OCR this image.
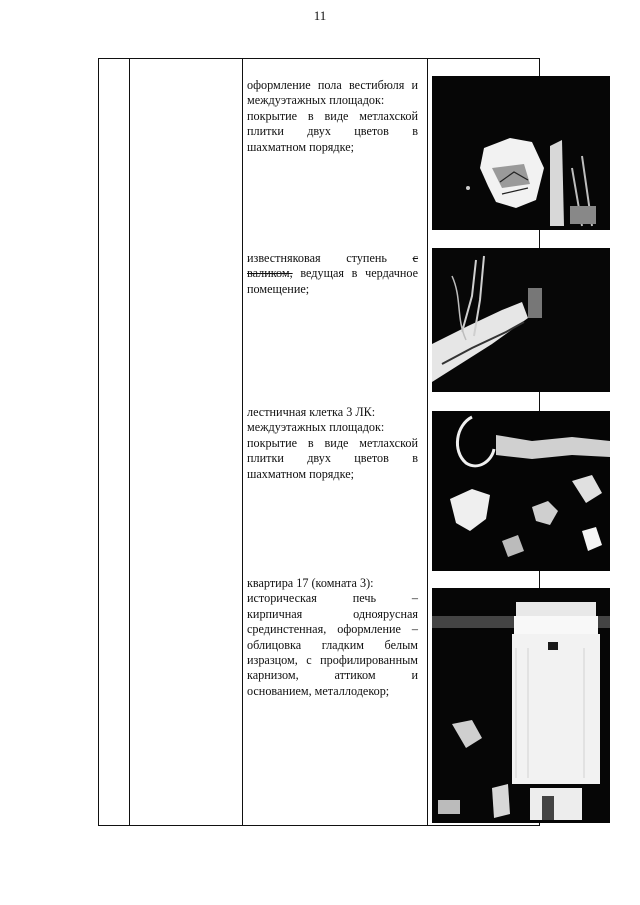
11

оформление пола вестибюля и

междуэтажных площадок:

покрытие в виде метлахской

плитки двух цветов в

шахматном порядке;

известняковая ступень с

валиком, ведущая в чердачное

помещение;

лестничная клетка 3 ЛК:

междуэтажных площадок:

покрытие в виде метлахской

плитки двух цветов в

шахматном порядке;

квартира 17 (комната 3):

историческая печь –

кирпичная одноярусная

срединстенная, оформление –

облицовка гладким белым

изразцом, с профилированным

карнизом, аттиком и

основанием, металлодекор;
